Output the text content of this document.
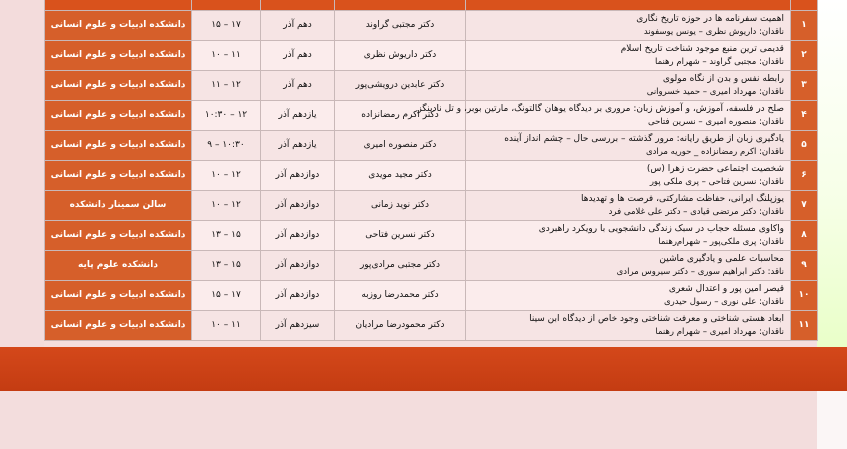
۱	اهمیت سفرنامه ها در حوزه تاریخ نگاری
ناقدان: داریوش نظری – یونس یوسفوند	دکتر مجتبی گراوند	دهم آذر	۱۷ – ۱۵	دانشکده ادبیات و علوم انسانی
۲	قدیمی ترین منبع موجود شناخت تاریخ اسلام
ناقدان: مجتبی گراوند – شهرام رهنما	دکتر داریوش نظری	دهم آذر	۱۱ – ۱۰	دانشکده ادبیات و علوم انسانی
۳	رابطه نفس و بدن از نگاه مولوی
ناقدان: مهرداد امیری – حمید خسروانی	دکتر عابدین درویشی‌پور	دهم آذر	۱۲ – ۱۱	دانشکده ادبیات و علوم انسانی
۴	صلح در فلسفه، آموزش، و آموزش زبان: مروری بر دیدگاه یوهان گالتونگ، مارتین بوبر، و تل نادینگز
ناقدان: منصوره امیری – نسرین فتاحی	دکتر اکرم رمضانزاده	یازدهم آذر	۱۲ – ۱۰:۳۰	دانشکده ادبیات و علوم انسانی
۵	یادگیری زبان از طریق رایانه: مرور گذشته – بررسی حال – چشم انداز آینده
ناقدان: اکرم رمضانزاده _ حوریه مرادی	دکتر منصوره امیری	یازدهم آذر	۱۰:۳۰ – ۹	دانشکده ادبیات و علوم انسانی
۶	شخصیت اجتماعی حضرت زهرا (س)
ناقدان: نسرین فتاحی – پری ملکی پور	دکتر مجید مویدی	دوازدهم آذر	۱۲ – ۱۰	دانشکده ادبیات و علوم انسانی
۷	یوزپلنگ ایرانی، حفاظت مشارکتی، فرصت ها و تهدیدها
ناقدان: دکتر مرتضی قیادی – دکتر علی غلامی فرد	دکتر نوید زمانی	دوازدهم آذر	۱۲ – ۱۰	سالن سمینار دانشکده
۸	واکاوی مسئله حجاب در سبک زندگی دانشجویی با رویکرد راهبردی
ناقدان: پری ملکی‌پور – شهرام‌رهنما	دکتر نسرین فتاحی	دوازدهم آذر	۱۵ – ۱۳	دانشکده ادبیات و علوم انسانی
۹	محاسبات علمی و یادگیری ماشین
ناقد: دکتر ابراهیم سوری – دکتر سیروس مرادی	دکتر مجتبی مرادی‌پور	دوازدهم آذر	۱۵ – ۱۳	دانشکده علوم پایه
۱۰	قیصر امین پور و اعتدال شعری
ناقدان: علی نوری – رسول حیدری	دکتر محمدرضا روزبه	دوازدهم آذر	۱۷ – ۱۵	دانشکده ادبیات و علوم انسانی
۱۱	ابعاد هستی شناختی و معرفت شناختی وجود خاص از دیدگاه ابن سینا
ناقدان: مهرداد امیری – شهرام رهنما	دکتر محمودرضا مرادیان	سیزدهم آذر	۱۱ – ۱۰	دانشکده ادبیات و علوم انسانی
